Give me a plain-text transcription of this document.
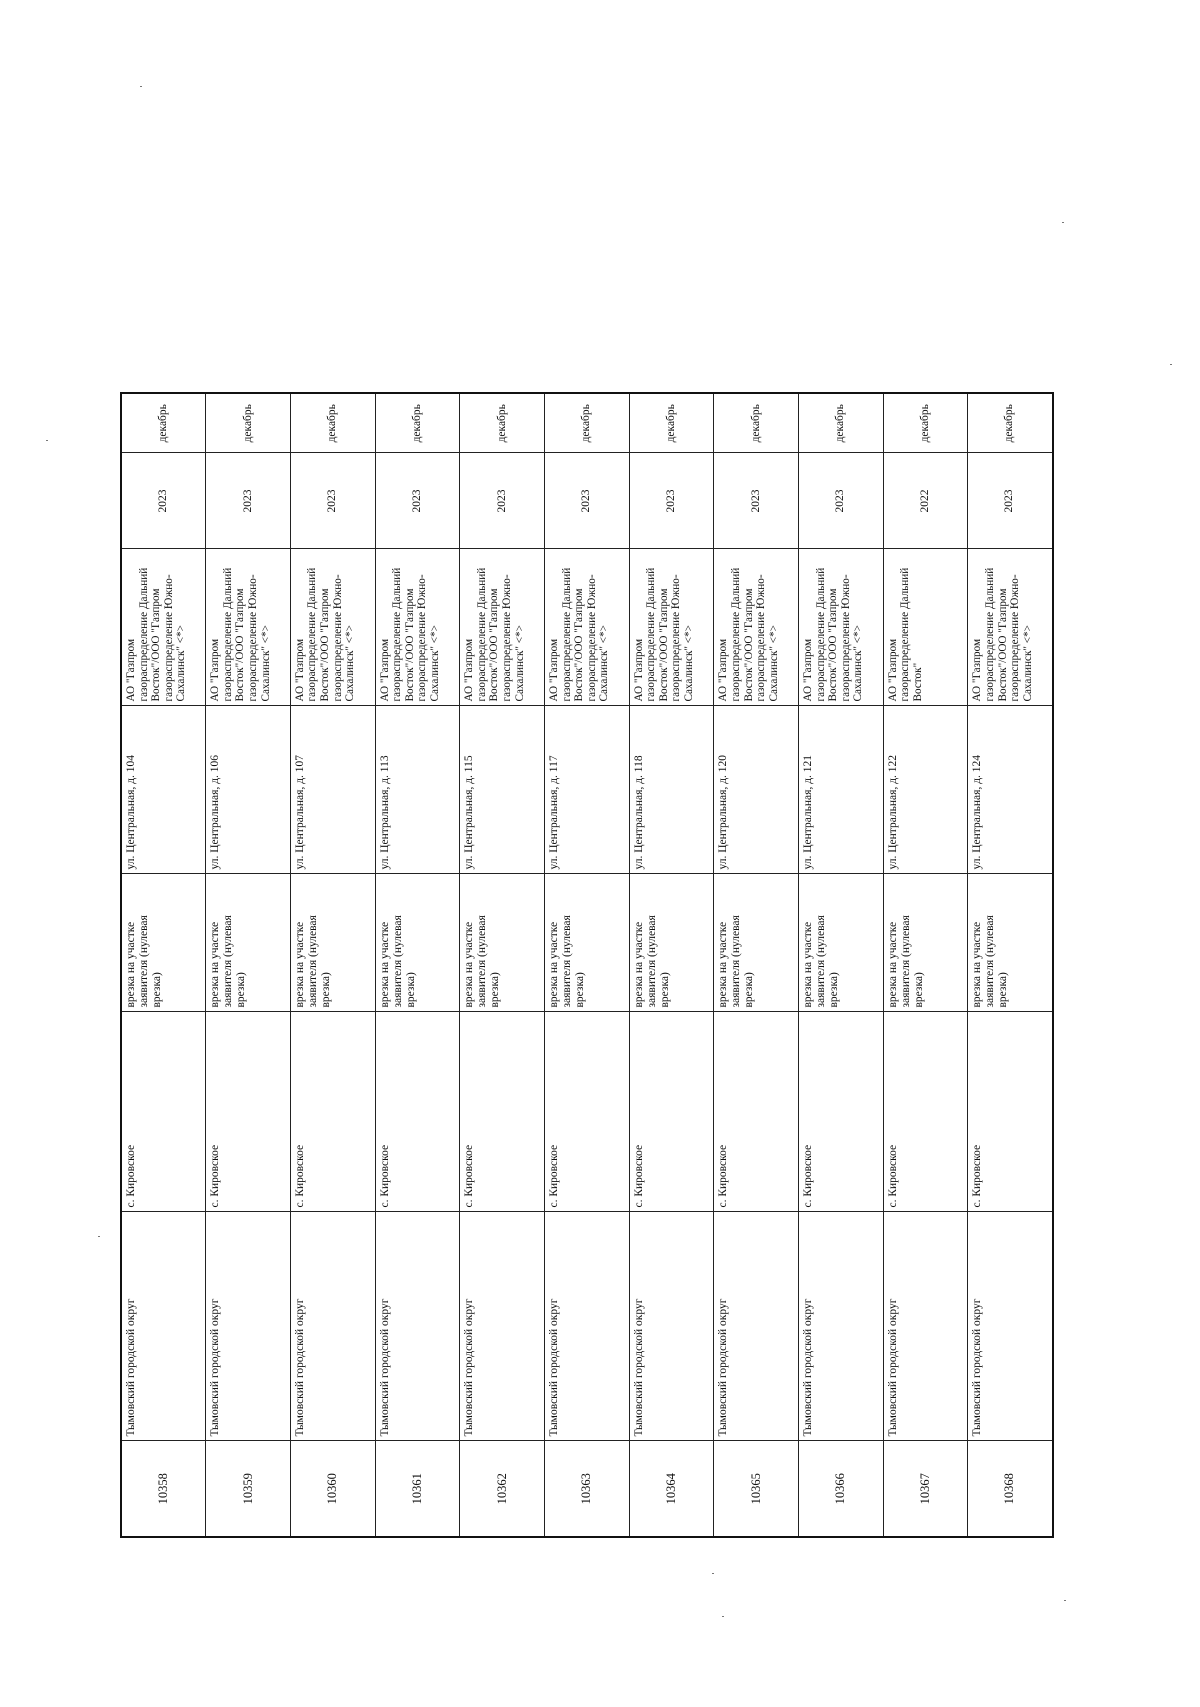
10358	Тымовский городской округ	с. Кировское	врезка на участке заявителя (нулевая врезка)	ул. Центральная, д. 104	АО "Газпром газораспределение Дальний Восток"/ООО "Газпром газораспределение Южно-Сахалинск" <*>	2023	декабрь
10359	Тымовский городской округ	с. Кировское	врезка на участке заявителя (нулевая врезка)	ул. Центральная, д. 106	АО "Газпром газораспределение Дальний Восток"/ООО "Газпром газораспределение Южно-Сахалинск" <*>	2023	декабрь
10360	Тымовский городской округ	с. Кировское	врезка на участке заявителя (нулевая врезка)	ул. Центральная, д. 107	АО "Газпром газораспределение Дальний Восток"/ООО "Газпром газораспределение Южно-Сахалинск" <*>	2023	декабрь
10361	Тымовский городской округ	с. Кировское	врезка на участке заявителя (нулевая врезка)	ул. Центральная, д. 113	АО "Газпром газораспределение Дальний Восток"/ООО "Газпром газораспределение Южно-Сахалинск" <*>	2023	декабрь
10362	Тымовский городской округ	с. Кировское	врезка на участке заявителя (нулевая врезка)	ул. Центральная, д. 115	АО "Газпром газораспределение Дальний Восток"/ООО "Газпром газораспределение Южно-Сахалинск" <*>	2023	декабрь
10363	Тымовский городской округ	с. Кировское	врезка на участке заявителя (нулевая врезка)	ул. Центральная, д. 117	АО "Газпром газораспределение Дальний Восток"/ООО "Газпром газораспределение Южно-Сахалинск" <*>	2023	декабрь
10364	Тымовский городской округ	с. Кировское	врезка на участке заявителя (нулевая врезка)	ул. Центральная, д. 118	АО "Газпром газораспределение Дальний Восток"/ООО "Газпром газораспределение Южно-Сахалинск" <*>	2023	декабрь
10365	Тымовский городской округ	с. Кировское	врезка на участке заявителя (нулевая врезка)	ул. Центральная, д. 120	АО "Газпром газораспределение Дальний Восток"/ООО "Газпром газораспределение Южно-Сахалинск" <*>	2023	декабрь
10366	Тымовский городской округ	с. Кировское	врезка на участке заявителя (нулевая врезка)	ул. Центральная, д. 121	АО "Газпром газораспределение Дальний Восток"/ООО "Газпром газораспределение Южно-Сахалинск" <*>	2023	декабрь
10367	Тымовский городской округ	с. Кировское	врезка на участке заявителя (нулевая врезка)	ул. Центральная, д. 122	АО "Газпром газораспределение Дальний Восток"	2022	декабрь
10368	Тымовский городской округ	с. Кировское	врезка на участке заявителя (нулевая врезка)	ул. Центральная, д. 124	АО "Газпром газораспределение Дальний Восток"/ООО "Газпром газораспределение Южно-Сахалинск" <*>	2023	декабрь
